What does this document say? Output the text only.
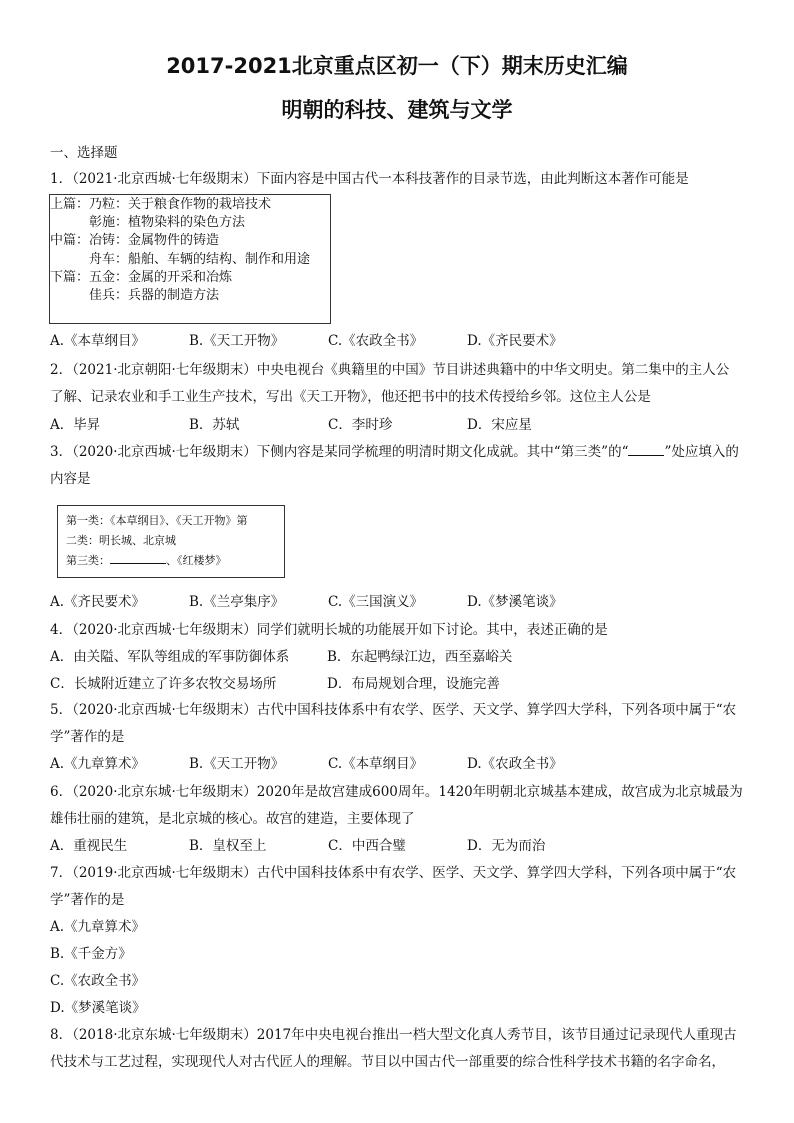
2017-2021北京重点区初一（下）期末历史汇编
明朝的科技、建筑与文学
一、选择题
1．（2021·北京西城·七年级期末）下面内容是中国古代一本科技著作的目录节选，由此判断这本著作可能是
上篇：乃粒：关于粮食作物的栽培技术
　　　彰施：植物染料的染色方法
中篇：冶铸：金属物件的铸造
　　　舟车：船舶、车辆的结构、制作和用途
下篇：五金：金属的开采和冶炼
　　　佳兵：兵器的制造方法
A.《本草纲目》	B.《天工开物》	C.《农政全书》	D.《齐民要术》
2．（2021·北京朝阳·七年级期末）中央电视台《典籍里的中国》节目讲述典籍中的中华文明史。第二集中的主人公
了解、记录农业和手工业生产技术，写出《天工开物》，他还把书中的技术传授给乡邻。这位主人公是
A．毕昇	B．苏轼	C．李时珍	D．宋应星
3．（2020·北京西城·七年级期末）下侧内容是某同学梳理的明清时期文化成就。其中“第三类”的“	”处应填入的
内容是
第一类：《本草纲目》、《天工开物》第
二类：明长城、北京城
第三类：	、《红楼梦》
A.《齐民要术》	B.《兰亭集序》	C.《三国演义》	D.《梦溪笔谈》
4．（2020·北京西城·七年级期末）同学们就明长城的功能展开如下讨论。其中，表述正确的是
A．由关隘、军队等组成的军事防御体系	B．东起鸭绿江边，西至嘉峪关
C．长城附近建立了许多农牧交易场所	D．布局规划合理，设施完善
5．（2020·北京西城·七年级期末）古代中国科技体系中有农学、医学、天文学、算学四大学科，下列各项中属于“农
学”著作的是
A.《九章算术》	B.《天工开物》	C.《本草纲目》	D.《农政全书》
6．（2020·北京东城·七年级期末）2020年是故宫建成600周年。1420年明朝北京城基本建成，故宫成为北京城最为
雄伟壮丽的建筑，是北京城的核心。故宫的建造，主要体现了
A．重视民生	B．皇权至上	C．中西合璧	D．无为而治
7．（2019·北京西城·七年级期末）古代中国科技体系中有农学、医学、天文学、算学四大学科，下列各项中属于“农
学”著作的是
A.《九章算术》
B.《千金方》
C.《农政全书》
D.《梦溪笔谈》
8．（2018·北京东城·七年级期末）2017年中央电视台推出一档大型文化真人秀节目，该节目通过记录现代人重现古
代技术与工艺过程，实现现代人对古代匠人的理解。节目以中国古代一部重要的综合性科学技术书籍的名字命名，
